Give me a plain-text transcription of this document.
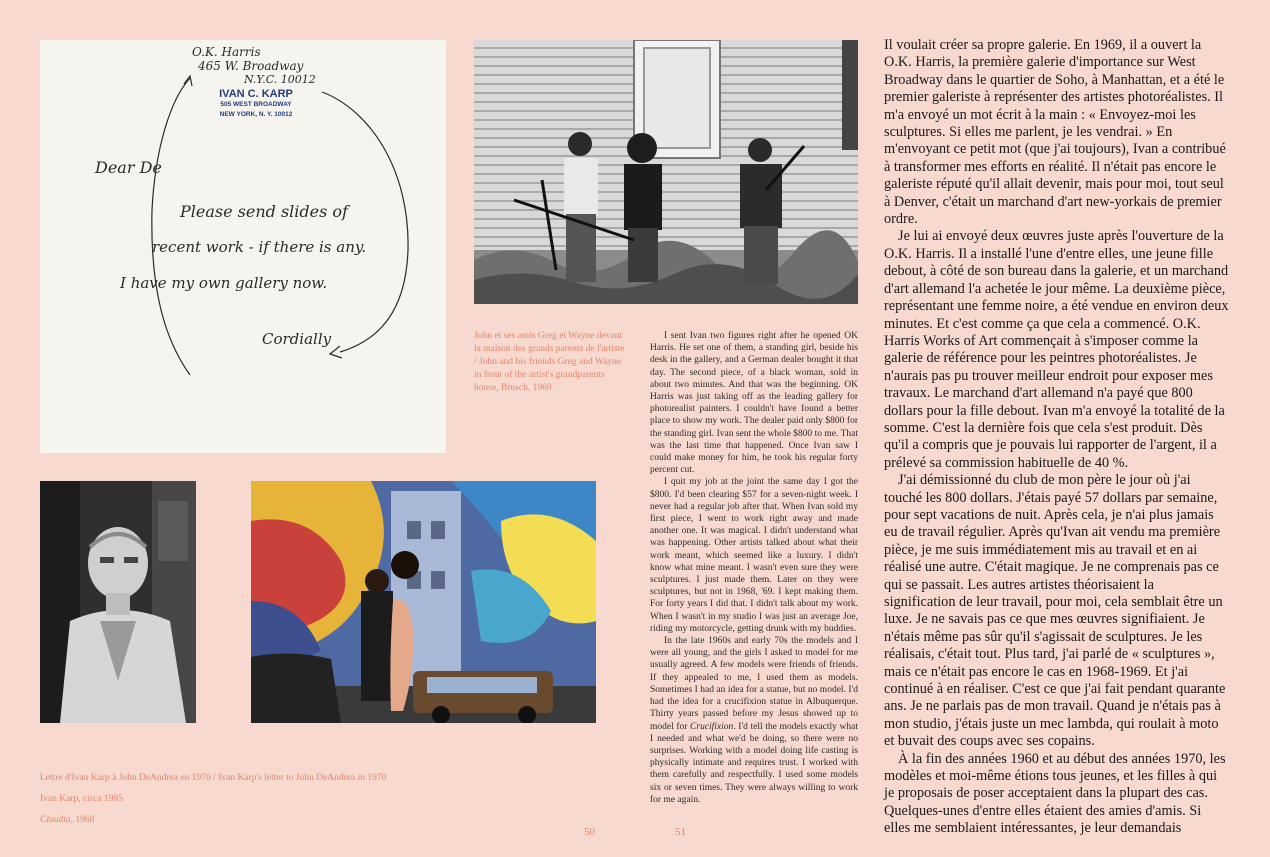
O.K. Harris
465 W. Broadway
N.Y.C. 10012
IVAN C. KARP
505 WEST BROADWAY
NEW YORK, N. Y. 10012
Dear De
Please send slides of
recent work - if there is any.
I have my own gallery now.
Cordially	John et ses amis Greg et Wayne devant la maison des grands parents de l'artiste / John and his friends Greg and Wayne in front of the artist's grandparents house, Brusch, 1969

I sent Ivan two figures right after he opened OK Harris. He set one of them, a standing girl, beside his desk in the gallery, and a German dealer bought it that day. The second piece, of a black woman, sold in about two minutes. And that was the beginning. OK Harris was just taking off as the leading gallery for photorealist painters. I couldn't have found a better place to show my work. The dealer paid only $800 for the standing girl. Ivan sent the whole $800 to me. That was the last time that happened. Once Ivan saw I could make money for him, he took his regular forty percent cut.

I quit my job at the joint the same day I got the $800. I'd been clearing $57 for a seven-night week. I never had a regular job after that. When Ivan sold my first piece, I went to work right away and made another one. It was magical. I didn't understand what was happening. Other artists talked about what their work meant, which seemed like a luxury. I didn't know what mine meant. I wasn't even sure they were sculptures. I just made them. Later on they were sculptures, but not in 1968, '69. I kept making them. For forty years I did that. I didn't talk about my work. When I wasn't in my studio I was just an average Joe, riding my motorcycle, getting drunk with my buddies.

In the late 1960s and early 70s the models and I were all young, and the girls I asked to model for me usually agreed. A few models were friends of friends. If they appealed to me, I used them as models. Sometimes I had an idea for a statue, but no model. I'd had the idea for a crucifixion statue in Albuquerque. Thirty years passed before my Jesus showed up to model for Crucifixion. I'd tell the models exactly what I needed and what we'd be doing, so there were no surprises. Working with a model doing life casting is physically intimate and requires trust. I worked with them carefully and respectfully. I used some models six or seven times. They were always willing to work for me again.

Lettre d'Ivan Karp à John DeAndrea en 1970 / Ivan Karp's letter to John DeAndrea in 1970
Ivan Karp, circa 1985
Claudia, 1968

Il voulait créer sa propre galerie. En 1969, il a ouvert la O.K. Harris, la première galerie d'importance sur West Broadway dans le quartier de Soho, à Manhattan, et a été le premier galeriste à représenter des artistes photoréalistes. Il m'a envoyé un mot écrit à la main : « Envoyez-moi les sculptures. Si elles me parlent, je les vendrai. » En m'envoyant ce petit mot (que j'ai toujours), Ivan a contribué à transformer mes efforts en réalité. Il n'était pas encore le galeriste réputé qu'il allait devenir, mais pour moi, tout seul à Denver, c'était un marchand d'art new-yorkais de premier ordre.

Je lui ai envoyé deux œuvres juste après l'ouverture de la O.K. Harris. Il a installé l'une d'entre elles, une jeune fille debout, à côté de son bureau dans la galerie, et un marchand d'art allemand l'a achetée le jour même. La deuxième pièce, représentant une femme noire, a été vendue en environ deux minutes. Et c'est comme ça que cela a commencé. O.K. Harris Works of Art commençait à s'imposer comme la galerie de référence pour les peintres photoréalistes. Je n'aurais pas pu trouver meilleur endroit pour exposer mes travaux. Le marchand d'art allemand n'a payé que 800 dollars pour la fille debout. Ivan m'a envoyé la totalité de la somme. C'est la dernière fois que cela s'est produit. Dès qu'il a compris que je pouvais lui rapporter de l'argent, il a prélevé sa commission habituelle de 40 %.

J'ai démissionné du club de mon père le jour où j'ai touché les 800 dollars. J'étais payé 57 dollars par semaine, pour sept vacations de nuit. Après cela, je n'ai plus jamais eu de travail régulier. Après qu'Ivan ait vendu ma première pièce, je me suis immédiatement mis au travail et en ai réalisé une autre. C'était magique. Je ne comprenais pas ce qui se passait. Les autres artistes théorisaient la signification de leur travail, pour moi, cela semblait être un luxe. Je ne savais pas ce que mes œuvres signifiaient. Je n'étais même pas sûr qu'il s'agissait de sculptures. Je les réalisais, c'était tout. Plus tard, j'ai parlé de « sculptures », mais ce n'était pas encore le cas en 1968-1969. Et j'ai continué à en réaliser. C'est ce que j'ai fait pendant quarante ans. Je ne parlais pas de mon travail. Quand je n'étais pas à mon studio, j'étais juste un mec lambda, qui roulait à moto et buvait des coups avec ses copains.

À la fin des années 1960 et au début des années 1970, les modèles et moi-même étions tous jeunes, et les filles à qui je proposais de poser acceptaient dans la plupart des cas. Quelques-unes d'entre elles étaient des amies d'amis. Si elles me semblaient intéressantes, je leur demandais

50	51
